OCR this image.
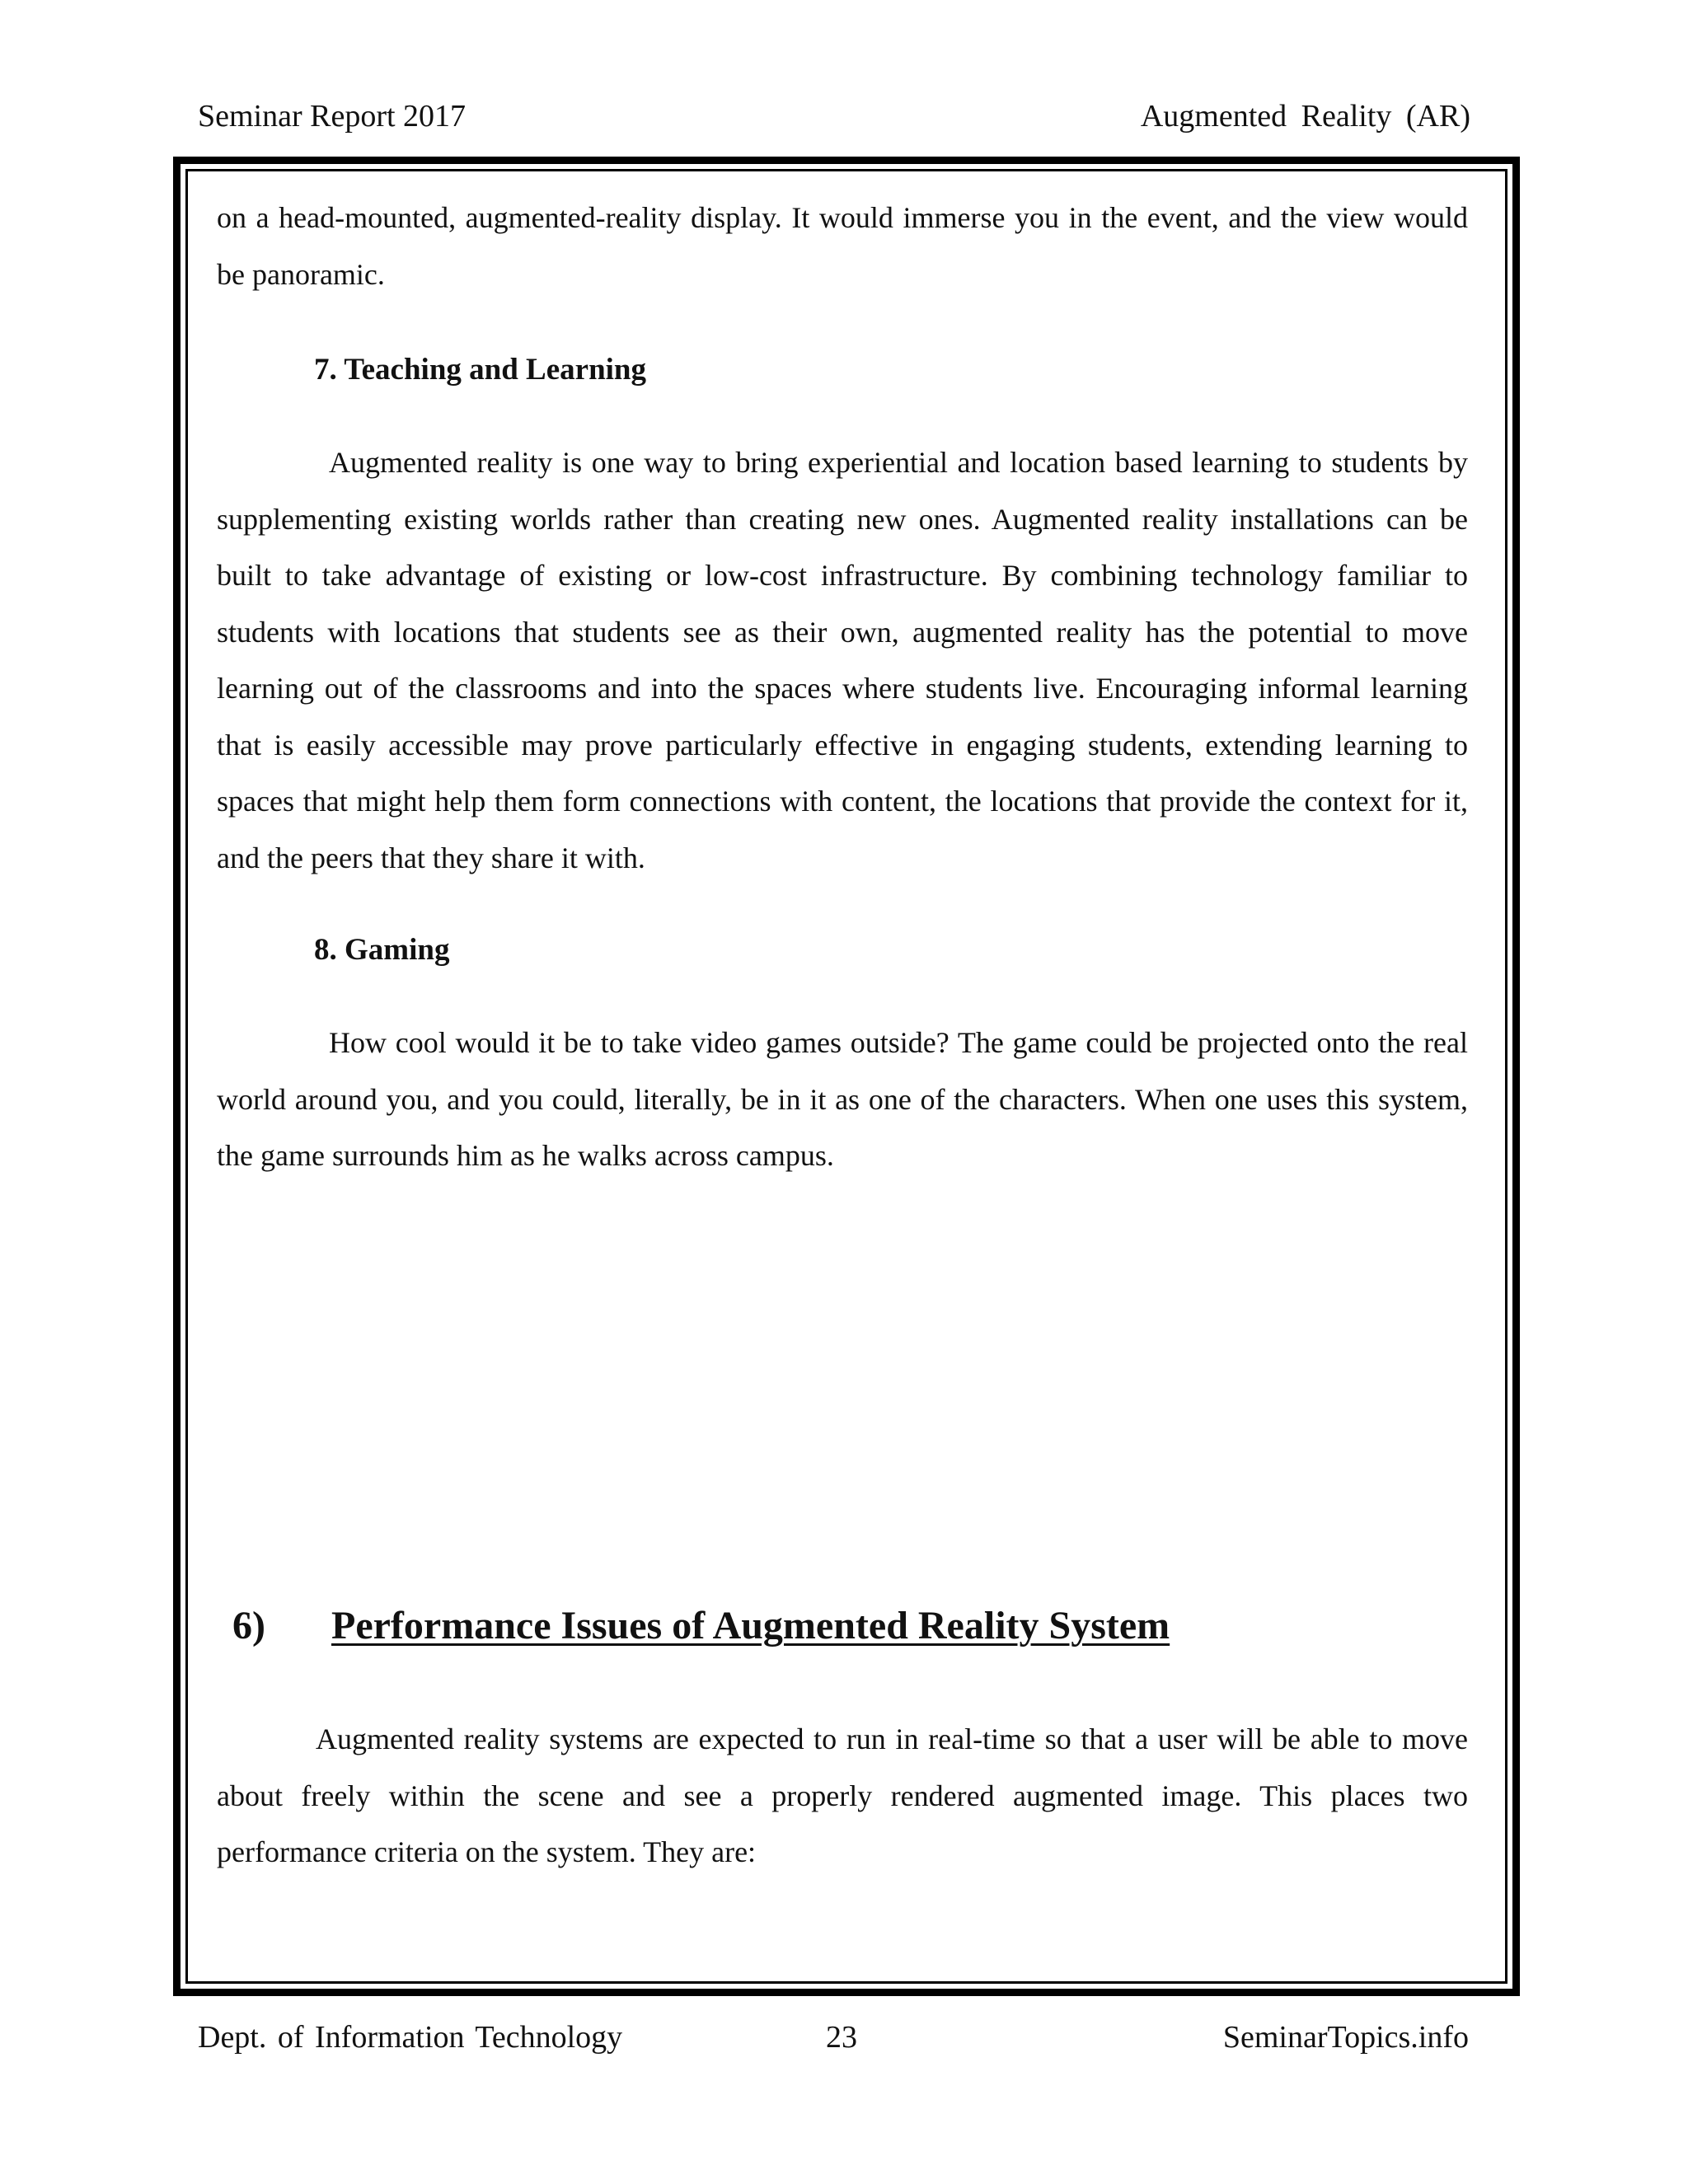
Seminar Report 2017	Augmented Reality (AR)

on a head-mounted, augmented-reality display. It would immerse you in the event, and the view would be panoramic.

7. Teaching and Learning

Augmented reality is one way to bring experiential and location based learning to students by supplementing existing worlds rather than creating new ones. Augmented reality installations can be built to take advantage of existing or low-cost infrastructure. By combining technology familiar to students with locations that students see as their own, augmented reality has the potential to move learning out of the classrooms and into the spaces where students live. Encouraging informal learning that is easily accessible may prove particularly effective in engaging students, extending learning to spaces that might help them form connections with content, the locations that provide the context for it, and the peers that they share it with.

8. Gaming

How cool would it be to take video games outside? The game could be projected onto the real world around you, and you could, literally, be in it as one of the characters. When one uses this system, the game surrounds him as he walks across campus.

6) Performance Issues of Augmented Reality System

Augmented reality systems are expected to run in real-time so that a user will be able to move about freely within the scene and see a properly rendered augmented image. This places two performance criteria on the system. They are:

Dept. of Information Technology	23	SeminarTopics.info
